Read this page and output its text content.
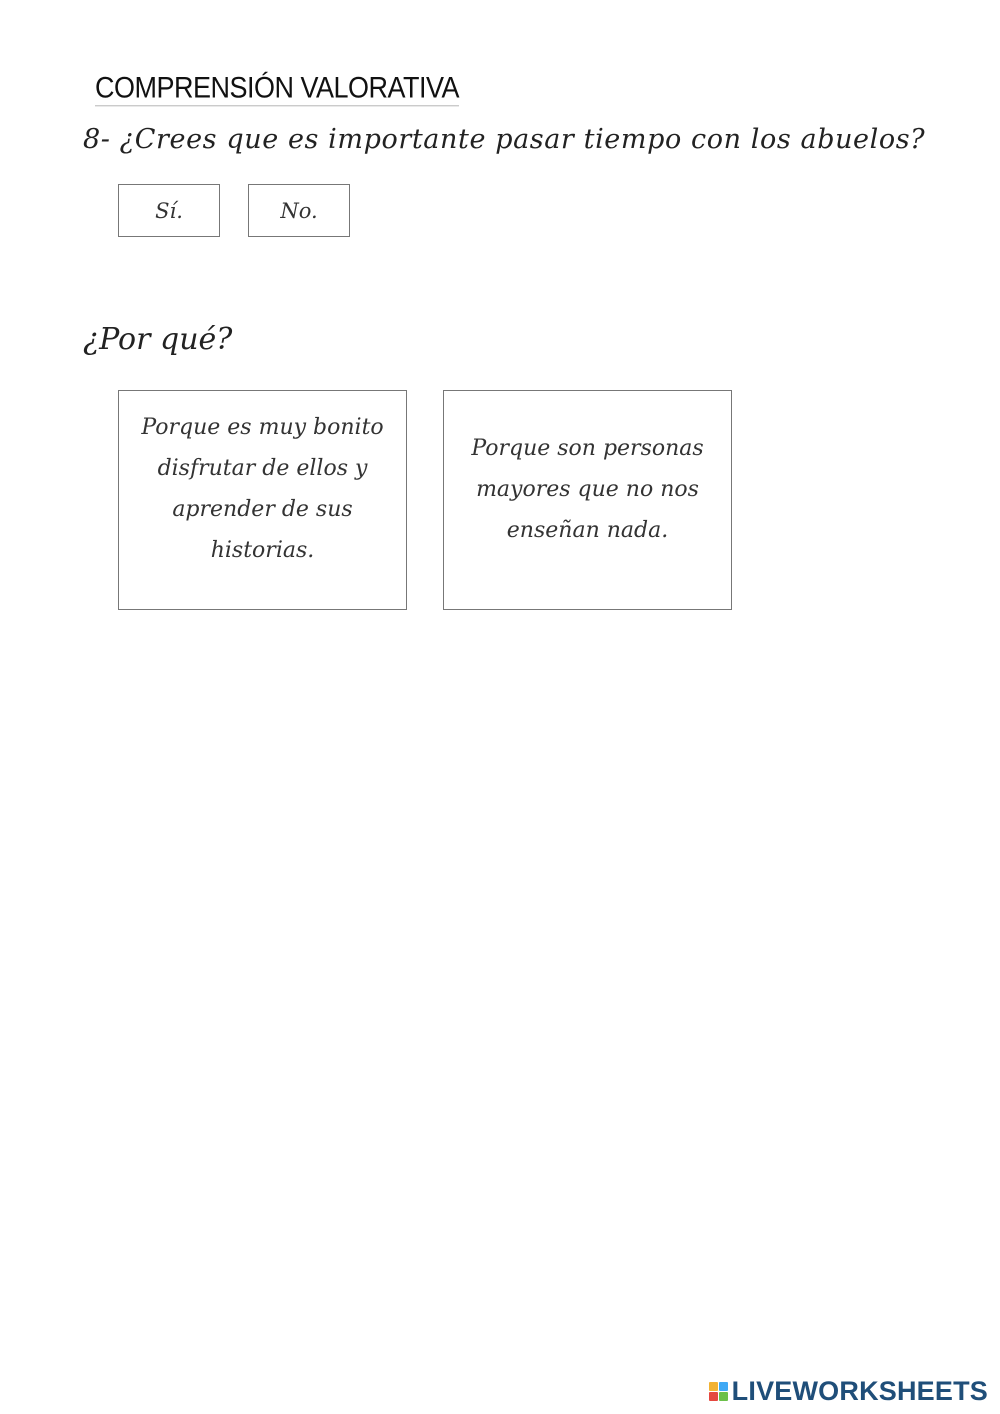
COMPRENSIÓN VALORATIVA
8- ¿Crees que es importante pasar tiempo con los abuelos?
Sí.	No.
¿Por qué?
Porque es muy bonito disfrutar de ellos y aprender de sus historias.
Porque son personas mayores que no nos enseñan nada.
LIVEWORKSHEETS
